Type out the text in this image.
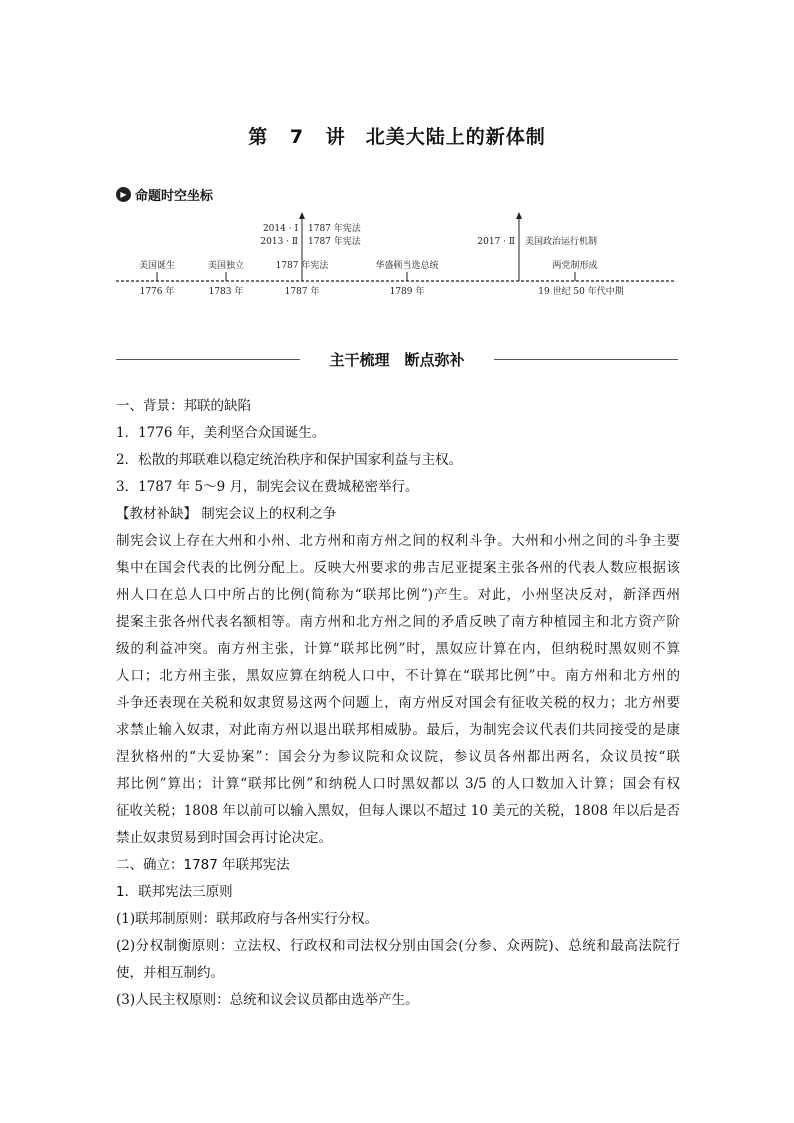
第 7 讲　北美大陆上的新体制
▶ 命题时空坐标
2014 · Ⅰ 1787 年宪法
2013 · Ⅱ 1787 年宪法	2017 · Ⅱ 美国政治运行机制
美国诞生	美国独立	1787 年宪法	华盛顿当选总统	两党制形成
1776 年	1783 年	1787 年	1789 年	19 世纪 50 年代中期
主干梳理　断点弥补
一、背景：邦联的缺陷
1．1776 年，美利坚合众国诞生。
2．松散的邦联难以稳定统治秩序和保护国家利益与主权。
3．1787 年 5～9 月，制宪会议在费城秘密举行。
【教材补缺】 制宪会议上的权利之争
制宪会议上存在大州和小州、北方州和南方州之间的权利斗争。大州和小州之间的斗争主要
集中在国会代表的比例分配上。反映大州要求的弗吉尼亚提案主张各州的代表人数应根据该
州人口在总人口中所占的比例(简称为“联邦比例”)产生。对此，小州坚决反对，新泽西州
提案主张各州代表名额相等。南方州和北方州之间的矛盾反映了南方种植园主和北方资产阶
级的利益冲突。南方州主张，计算“联邦比例”时，黑奴应计算在内，但纳税时黑奴则不算
人口；北方州主张，黑奴应算在纳税人口中，不计算在“联邦比例”中。南方州和北方州的
斗争还表现在关税和奴隶贸易这两个问题上，南方州反对国会有征收关税的权力；北方州要
求禁止输入奴隶，对此南方州以退出联邦相威胁。最后，为制宪会议代表们共同接受的是康
涅狄格州的“大妥协案”：国会分为参议院和众议院，参议员各州都出两名，众议员按“联
邦比例”算出；计算“联邦比例”和纳税人口时黑奴都以 3/5 的人口数加入计算；国会有权
征收关税；1808 年以前可以输入黑奴，但每人课以不超过 10 美元的关税，1808 年以后是否
禁止奴隶贸易到时国会再讨论决定。
二、确立：1787 年联邦宪法
1．联邦宪法三原则
(1)联邦制原则：联邦政府与各州实行分权。
(2)分权制衡原则：立法权、行政权和司法权分别由国会(分参、众两院)、总统和最高法院行
使，并相互制约。
(3)人民主权原则：总统和议会议员都由选举产生。
